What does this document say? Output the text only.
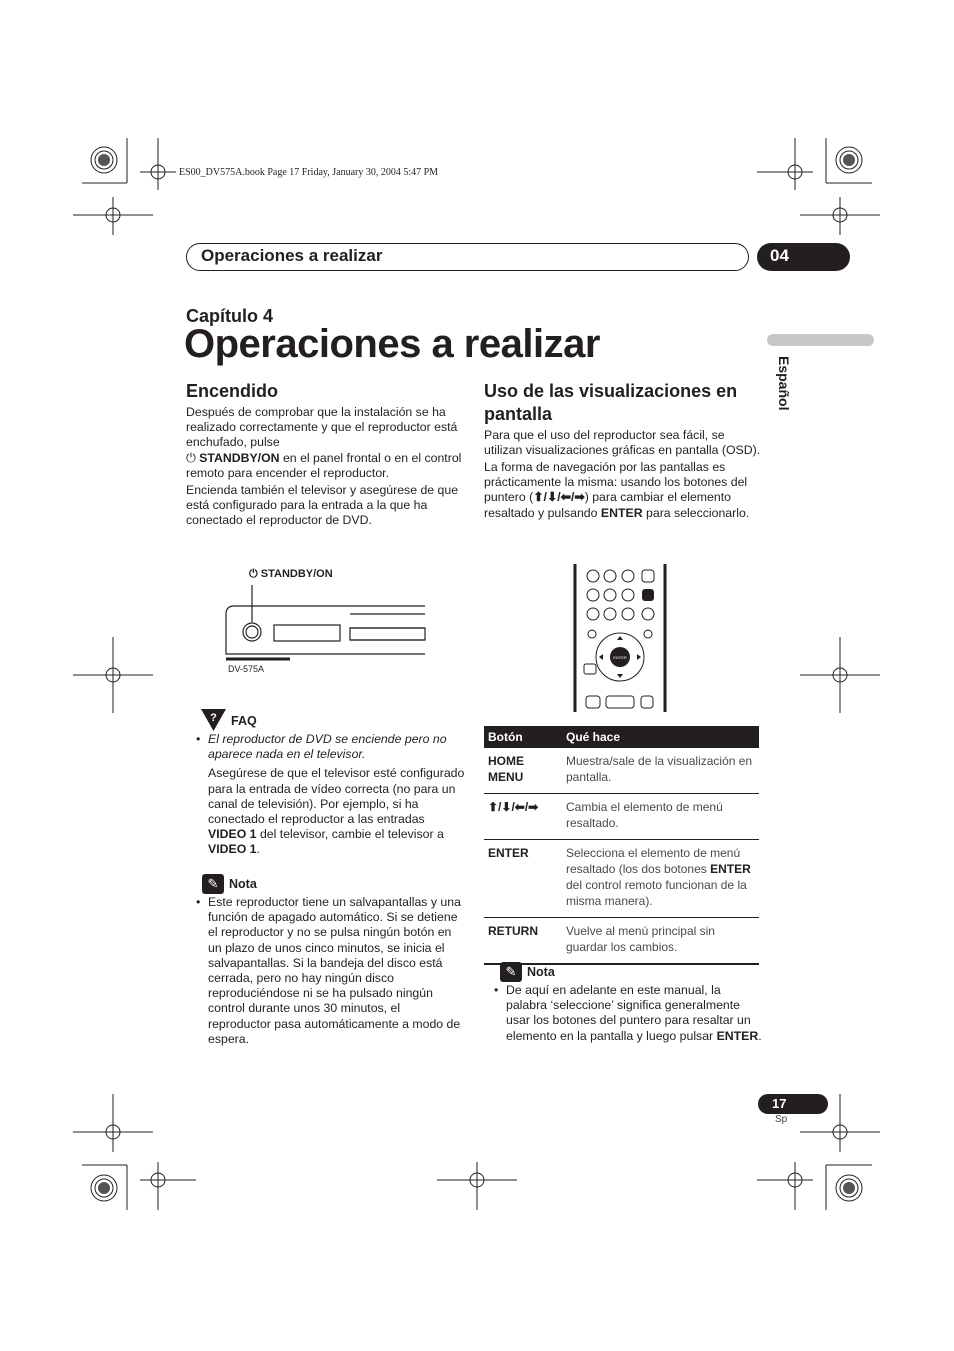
ES00_DV575A.book Page 17 Friday, January 30, 2004 5:47 PM
Operaciones a realizar	04
Capítulo 4
Operaciones a realizar
Español
Encendido

Después de comprobar que la instalación se ha realizado correctamente y que el reproductor está enchufado, pulse
⏻ STANDBY/ON en el panel frontal o en el control remoto para encender el reproductor.

Encienda también el televisor y asegúrese de que está configurado para la entrada a la que ha conectado el reproductor de DVD.

⏻ STANDBY/ON
DV-575A
? FAQ
• El reproductor de DVD se enciende pero no aparece nada en el televisor.

Asegúrese de que el televisor esté configurado para la entrada de vídeo correcta (no para un canal de televisión). Por ejemplo, si ha conectado el reproductor a las entradas VIDEO 1 del televisor, cambie el televisor a VIDEO 1.

✎ Nota
• Este reproductor tiene un salvapantallas y una función de apagado automático. Si se detiene el reproductor y no se pulsa ningún botón en un plazo de unos cinco minutos, se inicia el salvapantallas. Si la bandeja del disco está cerrada, pero no hay ningún disco reproduciéndose ni se ha pulsado ningún control durante unos 30 minutos, el reproductor pasa automáticamente a modo de espera.
Uso de las visualizaciones en pantalla

Para que el uso del reproductor sea fácil, se utilizan visualizaciones gráficas en pantalla (OSD).

La forma de navegación por las pantallas es prácticamente la misma: usando los botones del puntero (⬆/⬇/⬅/➡) para cambiar el elemento resaltado y pulsando ENTER para seleccionarlo.

ENTER
Botón	Qué hace
HOME MENU	Muestra/sale de la visualización en pantalla.
⬆/⬇/⬅/➡	Cambia el elemento de menú resaltado.
ENTER	Selecciona el elemento de menú resaltado (los dos botones ENTER del control remoto funcionan de la misma manera).
RETURN	Vuelve al menú principal sin guardar los cambios.
✎ Nota
• De aquí en adelante en este manual, la palabra ‘seleccione’ significa generalmente usar los botones del puntero para resaltar un elemento en la pantalla y luego pulsar ENTER.
17
Sp
